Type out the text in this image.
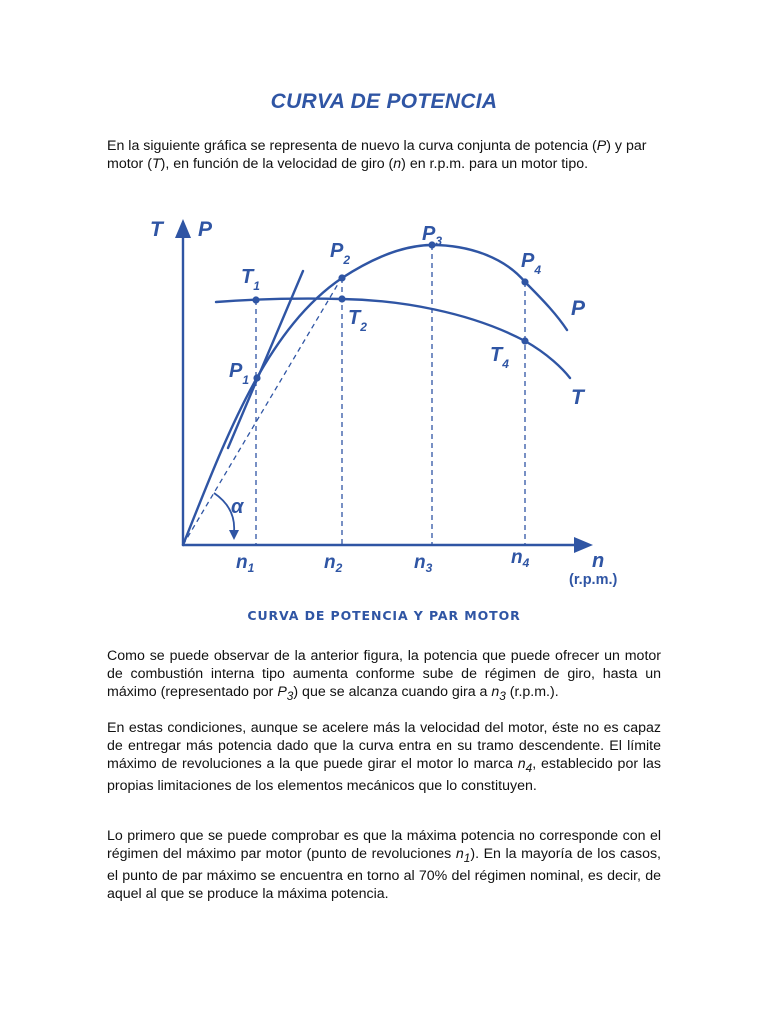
CURVA DE POTENCIA
En la siguiente gráfica se representa de nuevo la curva conjunta de potencia (P) y par motor (T), en función de la velocidad de giro (n) en r.p.m. para un motor tipo.
T P
$T_1$
$P_1$
$P_2$
$T_2$
$P_3$
$P_4$
$T_4$
P
T
α
$n_1$	$n_2$	$n_3$	$n_4$	n
(r.p.m.)
CURVA DE POTENCIA Y PAR MOTOR
Como se puede observar de la anterior figura, la potencia que puede ofrecer un motor de combustión interna tipo aumenta conforme sube de régimen de giro, hasta un máximo (representado por $P_3$) que se alcanza cuando gira a $n_3$ (r.p.m.).
En estas condiciones, aunque se acelere más la velocidad del motor, éste no es capaz de entregar más potencia dado que la curva entra en su tramo descendente. El límite máximo de revoluciones a la que puede girar el motor lo marca $n_4$, establecido por las propias limitaciones de los elementos mecánicos que lo constituyen.
Lo primero que se puede comprobar es que la máxima potencia no corresponde con el régimen del máximo par motor (punto de revoluciones $n_1$). En la mayoría de los casos, el punto de par máximo se encuentra en torno al 70% del régimen nominal, es decir, de aquel al que se produce la máxima potencia.
